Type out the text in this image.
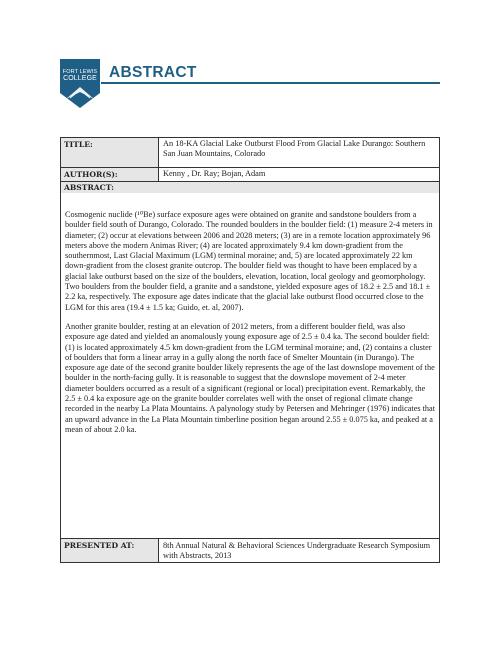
FORT LEWIS
COLLEGE ABSTRACT
TITLE:	An 18-KA Glacial Lake Outburst Flood From Glacial Lake Durango: Southern San Juan Mountains, Colorado
AUTHOR(S):	Kenny , Dr. Ray; Bojan, Adam
ABSTRACT:

Cosmogenic nuclide (¹⁰Be) surface exposure ages were obtained on granite and sandstone boulders from a boulder field south of Durango, Colorado. The rounded boulders in the boulder field: (1) measure 2-4 meters in diameter; (2) occur at elevations between 2006 and 2028 meters; (3) are in a remote location approximately 96 meters above the modern Animas River; (4) are located approximately 9.4 km down-gradient from the southernmost, Last Glacial Maximum (LGM) terminal moraine; and, 5) are located approximately 22 km down-gradient from the closest granite outcrop. The boulder field was thought to have been emplaced by a glacial lake outburst based on the size of the boulders, elevation, location, local geology and geomorphology. Two boulders from the boulder field, a granite and a sandstone, yielded exposure ages of 18.2 ± 2.5 and 18.1 ± 2.2 ka, respectively. The exposure age dates indicate that the glacial lake outburst flood occurred close to the LGM for this area (19.4 ± 1.5 ka; Guido, et. al, 2007).

Another granite boulder, resting at an elevation of 2012 meters, from a different boulder field, was also exposure age dated and yielded an anomalously young exposure age of 2.5 ± 0.4 ka. The second boulder field: (1) is located approximately 4.5 km down-gradient from the LGM terminal moraine; and, (2) contains a cluster of boulders that form a linear array in a gully along the north face of Smelter Mountain (in Durango). The exposure age date of the second granite boulder likely represents the age of the last downslope movement of the boulder in the north-facing gully. It is reasonable to suggest that the downslope movement of 2-4 meter diameter boulders occurred as a result of a significant (regional or local) precipitation event. Remarkably, the 2.5 ± 0.4 ka exposure age on the granite boulder correlates well with the onset of regional climate change recorded in the nearby La Plata Mountains. A palynology study by Petersen and Mehringer (1976) indicates that an upward advance in the La Plata Mountain timberline position began around 2.55 ± 0.075 ka, and peaked at a mean of about 2.0 ka.

PRESENTED AT:	8th Annual Natural & Behavioral Sciences Undergraduate Research Symposium with Abstracts, 2013
